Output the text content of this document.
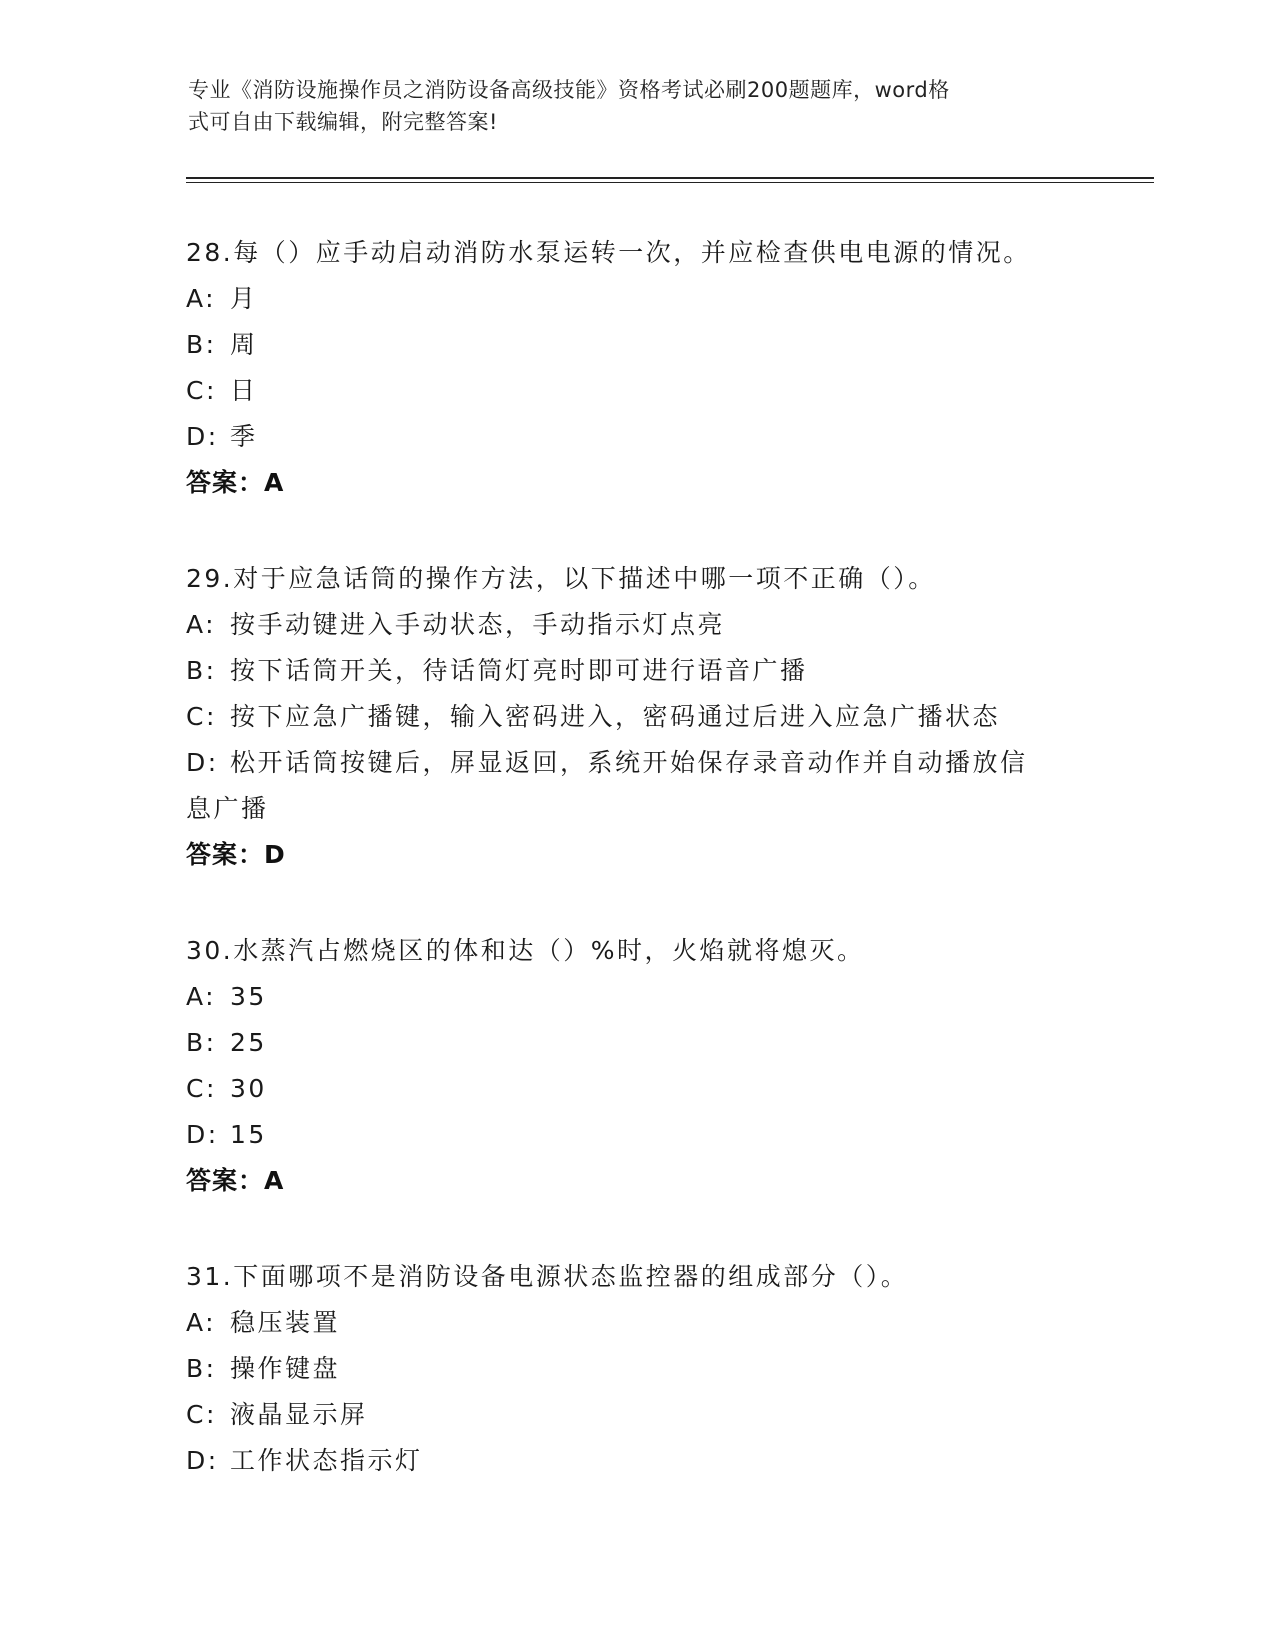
专业《消防设施操作员之消防设备高级技能》资格考试必刷200题题库，word格
式可自由下载编辑，附完整答案!
28.每（）应手动启动消防水泵运转一次，并应检查供电电源的情况。
A: 月
B: 周
C: 日
D: 季
答案：A
29.对于应急话筒的操作方法，以下描述中哪一项不正确（）。
A: 按手动键进入手动状态，手动指示灯点亮
B: 按下话筒开关，待话筒灯亮时即可进行语音广播
C: 按下应急广播键，输入密码进入，密码通过后进入应急广播状态
D: 松开话筒按键后，屏显返回，系统开始保存录音动作并自动播放信
息广播
答案：D
30.水蒸汽占燃烧区的体和达（）%时，火焰就将熄灭。
A: 35
B: 25
C: 30
D: 15
答案：A
31.下面哪项不是消防设备电源状态监控器的组成部分（）。
A: 稳压装置
B: 操作键盘
C: 液晶显示屏
D: 工作状态指示灯
